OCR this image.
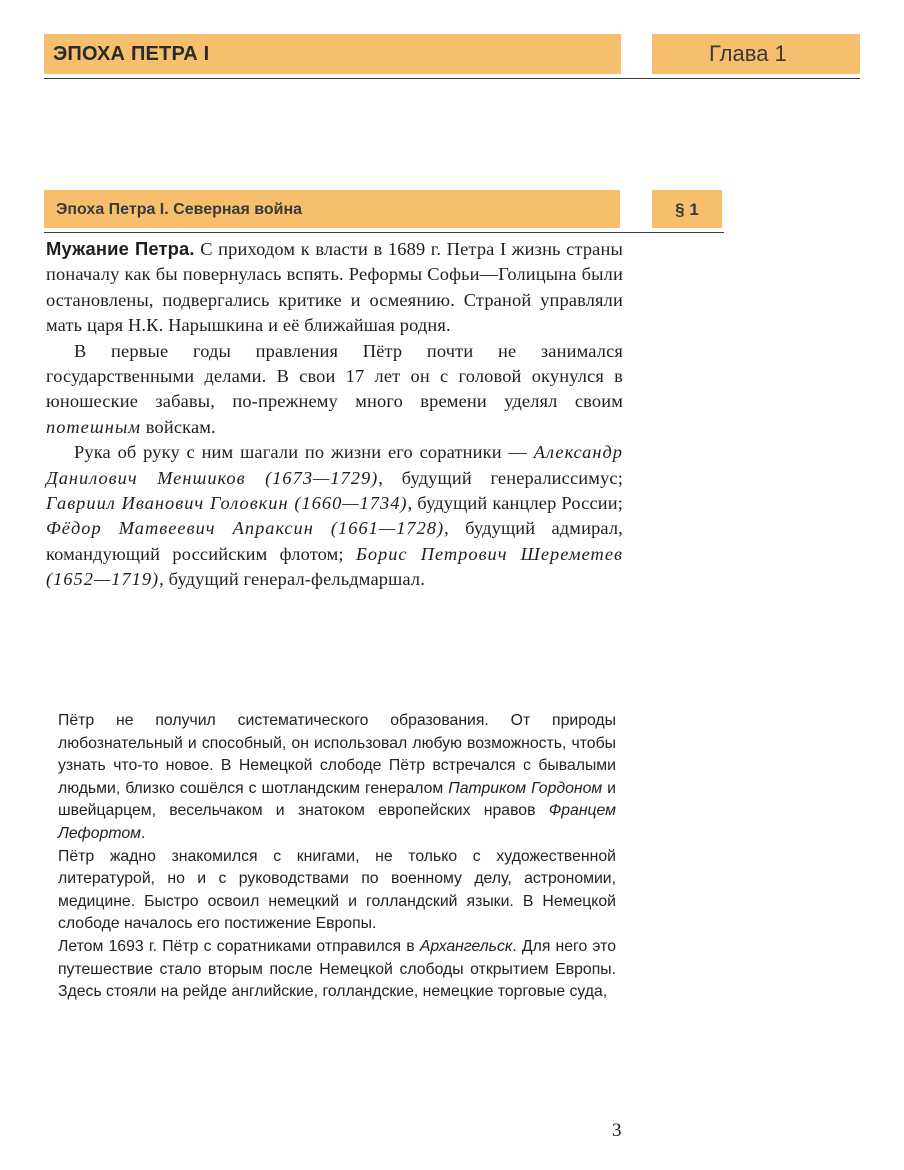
ЭПОХА ПЕТРА I	Глава 1
Эпоха Петра I. Северная война	§ 1

Мужание Петра. С приходом к власти в 1689 г. Петра I жизнь страны поначалу как бы повернулась вспять. Реформы Софьи—Голицына были остановлены, подвергались критике и осмеянию. Страной управляли мать царя Н.К. Нарышкина и её ближайшая родня.

В первые годы правления Пётр почти не занимался государственными делами. В свои 17 лет он с головой окунулся в юношеские забавы, по-прежнему много времени уделял своим потешным войскам.

Рука об руку с ним шагали по жизни его соратники — Александр Данилович Меншиков (1673—1729), будущий генералиссимус; Гавриил Иванович Головкин (1660—1734), будущий канцлер России; Фёдор Матвеевич Апраксин (1661—1728), будущий адмирал, командующий российским флотом; Борис Петрович Шереметев (1652—1719), будущий генерал-фельдмаршал.

Пётр не получил систематического образования. От природы любознательный и способный, он использовал любую возможность, чтобы узнать что-то новое. В Немецкой слободе Пётр встречался с бывалыми людьми, близко сошёлся с шотландским генералом Патриком Гордоном и швейцарцем, весельчаком и знатоком европейских нравов Францем Лефортом.

Пётр жадно знакомился с книгами, не только с художественной литературой, но и с руководствами по военному делу, астрономии, медицине. Быстро освоил немецкий и голландский языки. В Немецкой слободе началось его постижение Европы.

Летом 1693 г. Пётр с соратниками отправился в Архангельск. Для него это путешествие стало вторым после Немецкой слободы открытием Европы. Здесь стояли на рейде английские, голландские, немецкие торговые суда,

3
